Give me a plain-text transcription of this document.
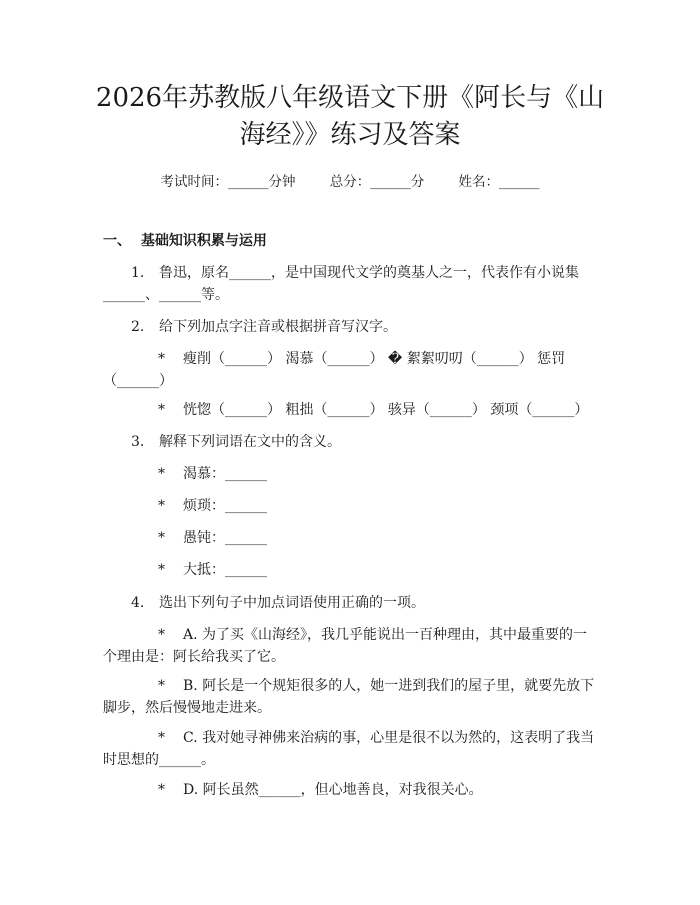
2026年苏教版八年级语文下册《阿长与《山
海经》》练习及答案
考试时间：______分钟	总分：______分	姓名：______
一、 基础知识积累与运用
1. 鲁迅，原名______，是中国现代文学的奠基人之一，代表作有小说集
______、______等。
2. 给下列加点字注音或根据拼音写汉字。
* 瘦削（______） 渴慕（______） � 絮絮叨叨（______） 惩罚
（______）
* 恍惚（______） 粗拙（______） 骇异（______） 颈项（______）
3. 解释下列词语在文中的含义。
* 渴慕：______
* 烦琐：______
* 愚钝：______
* 大抵：______
4. 选出下列句子中加点词语使用正确的一项。
* A. 为了买《山海经》，我几乎能说出一百种理由，其中最重要的一
个理由是：阿长给我买了它。
* B. 阿长是一个规矩很多的人，她一进到我们的屋子里，就要先放下
脚步，然后慢慢地走进来。
* C. 我对她寻神佛来治病的事，心里是很不以为然的，这表明了我当
时思想的______。
* D. 阿长虽然______，但心地善良，对我很关心。
